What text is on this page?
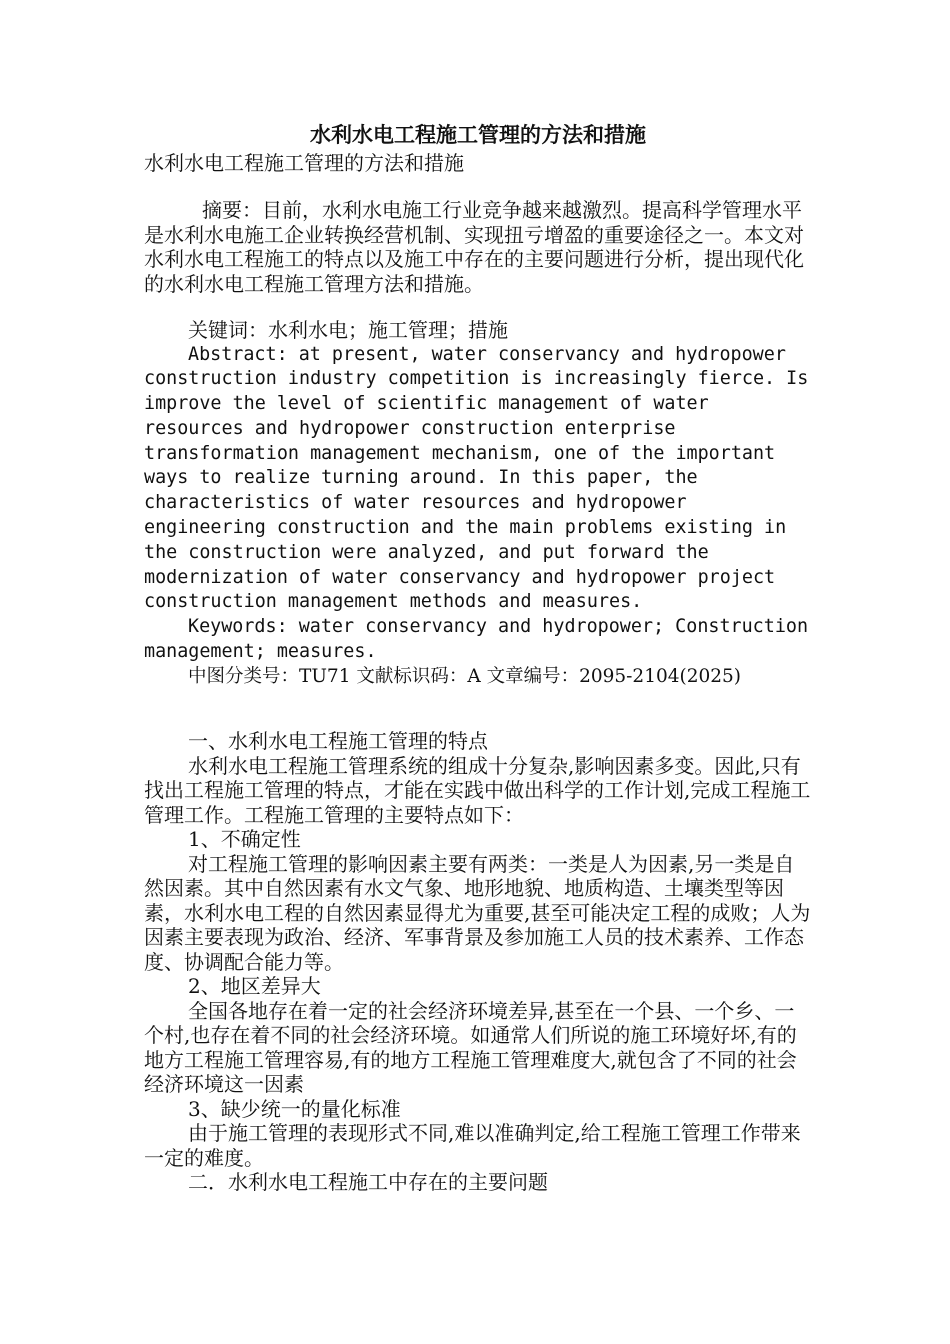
水利水电工程施工管理的方法和措施

水利水电工程施工管理的方法和措施

摘要：目前，水利水电施工行业竞争越来越激烈。提高科学管理水平是水利水电施工企业转换经营机制、实现扭亏增盈的重要途径之一。本文对水利水电工程施工的特点以及施工中存在的主要问题进行分析，提出现代化的水利水电工程施工管理方法和措施。

关键词：水利水电；施工管理；措施

Abstract: at present, water conservancy and hydropower construction industry competition is increasingly fierce. Is improve the level of scientific management of water resources and hydropower construction enterprise transformation management mechanism, one of the important ways to realize turning around. In this paper, the characteristics of water resources and hydropower engineering construction and the main problems existing in the construction were analyzed, and put forward the modernization of water conservancy and hydropower project construction management methods and measures.

Keywords: water conservancy and hydropower; Construction management; measures.

中图分类号：TU71 文献标识码：A 文章编号：2095-2104(2025)

一、水利水电工程施工管理的特点

水利水电工程施工管理系统的组成十分复杂,影响因素多变。因此,只有找出工程施工管理的特点，才能在实践中做出科学的工作计划,完成工程施工管理工作。工程施工管理的主要特点如下：

1、不确定性

对工程施工管理的影响因素主要有两类：一类是人为因素,另一类是自然因素。其中自然因素有水文气象、地形地貌、地质构造、土壤类型等因素，水利水电工程的自然因素显得尤为重要,甚至可能决定工程的成败；人为因素主要表现为政治、经济、军事背景及参加施工人员的技术素养、工作态度、协调配合能力等。

2、地区差异大

全国各地存在着一定的社会经济环境差异,甚至在一个县、一个乡、一个村,也存在着不同的社会经济环境。如通常人们所说的施工环境好坏,有的地方工程施工管理容易,有的地方工程施工管理难度大,就包含了不同的社会经济环境这一因素

3、缺少统一的量化标准

由于施工管理的表现形式不同,难以准确判定,给工程施工管理工作带来一定的难度。

二．水利水电工程施工中存在的主要问题
